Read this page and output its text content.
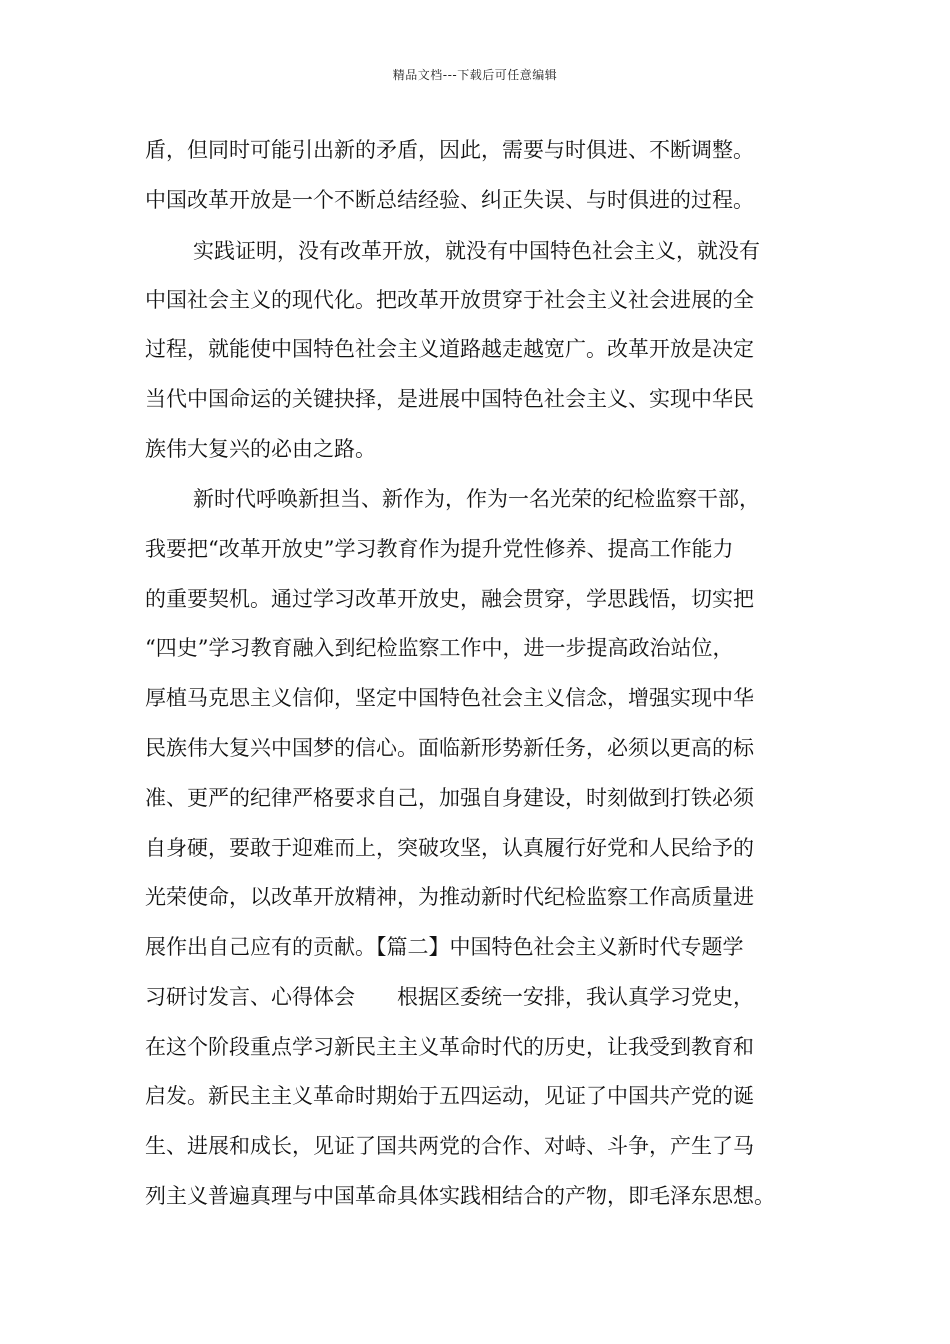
精品文档---下载后可任意编辑
盾，但同时可能引出新的矛盾，因此，需要与时俱进、不断调整。
中国改革开放是一个不断总结经验、纠正失误、与时俱进的过程。
实践证明，没有改革开放，就没有中国特色社会主义，就没有
中国社会主义的现代化。把改革开放贯穿于社会主义社会进展的全
过程，就能使中国特色社会主义道路越走越宽广。改革开放是决定
当代中国命运的关键抉择，是进展中国特色社会主义、实现中华民
族伟大复兴的必由之路。
新时代呼唤新担当、新作为，作为一名光荣的纪检监察干部，
我要把“改革开放史”学习教育作为提升党性修养、提高工作能力
的重要契机。通过学习改革开放史，融会贯穿，学思践悟，切实把
“四史”学习教育融入到纪检监察工作中，进一步提高政治站位，
厚植马克思主义信仰，坚定中国特色社会主义信念，增强实现中华
民族伟大复兴中国梦的信心。面临新形势新任务，必须以更高的标
准、更严的纪律严格要求自己，加强自身建设，时刻做到打铁必须
自身硬，要敢于迎难而上，突破攻坚，认真履行好党和人民给予的
光荣使命，以改革开放精神，为推动新时代纪检监察工作高质量进
展作出自己应有的贡献。【篇二】中国特色社会主义新时代专题学
习研讨发言、心得体会　　根据区委统一安排，我认真学习党史，
在这个阶段重点学习新民主主义革命时代的历史，让我受到教育和
启发。新民主主义革命时期始于五四运动，见证了中国共产党的诞
生、进展和成长，见证了国共两党的合作、对峙、斗争，产生了马
列主义普遍真理与中国革命具体实践相结合的产物，即毛泽东思想。
